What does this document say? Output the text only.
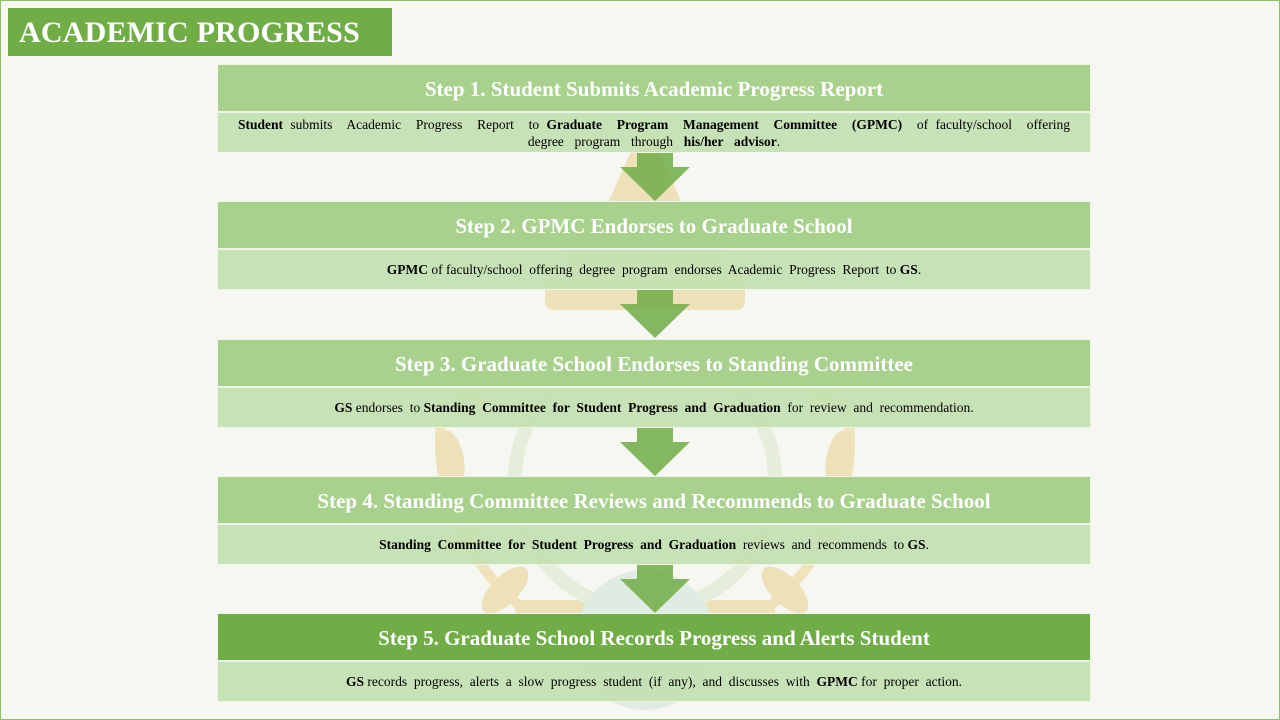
ACADEMIC PROGRESS
Step 1. Student Submits Academic Progress Report
Student submits  Academic  Progress  Report  to Graduate  Program  Management  Committee  (GPMC)  of faculty/school  offering  degree  program  through  his/her  advisor.
Step 2. GPMC Endorses to Graduate School
GPMC of faculty/school  offering  degree  program  endorses  Academic  Progress  Report  to GS.
Step 3. Graduate School Endorses to Standing Committee
GS endorses  to Standing  Committee  for  Student  Progress  and  Graduation  for  review  and  recommendation.
Step 4. Standing Committee Reviews and Recommends to Graduate School
Standing  Committee  for  Student  Progress  and  Graduation  reviews  and  recommends  to GS.
Step 5. Graduate School Records Progress and Alerts Student
GS records  progress,  alerts  a  slow  progress  student  (if  any),  and  discusses  with  GPMC for  proper  action.
